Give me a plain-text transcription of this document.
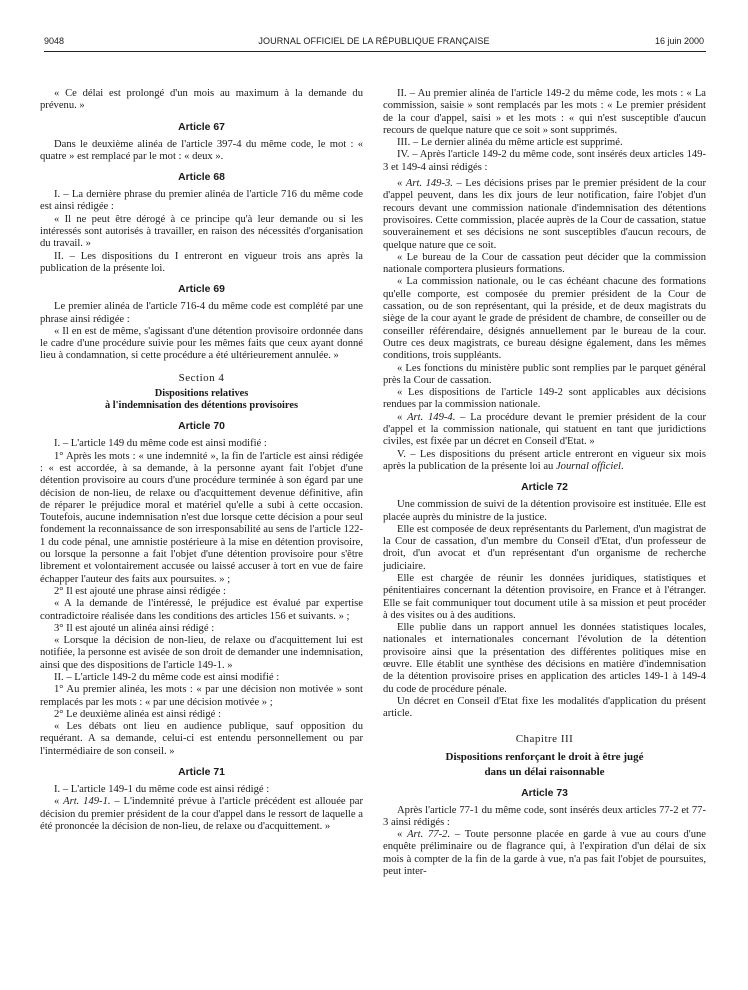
9048	JOURNAL OFFICIEL DE LA RÉPUBLIQUE FRANÇAISE	16 juin 2000

« Ce délai est prolongé d'un mois au maximum à la demande du prévenu. »

Article 67

Dans le deuxième alinéa de l'article 397-4 du même code, le mot : « quatre » est remplacé par le mot : « deux ».

Article 68

I. – La dernière phrase du premier alinéa de l'article 716 du même code est ainsi rédigée :

« Il ne peut être dérogé à ce principe qu'à leur demande ou si les intéressés sont autorisés à travailler, en raison des nécessités d'organisation du travail. »

II. – Les dispositions du I entreront en vigueur trois ans après la publication de la présente loi.

Article 69

Le premier alinéa de l'article 716-4 du même code est complété par une phrase ainsi rédigée :

« Il en est de même, s'agissant d'une détention provisoire ordonnée dans le cadre d'une procédure suivie pour les mêmes faits que ceux ayant donné lieu à condamnation, si cette procédure a été ultérieurement annulée. »

Section 4
Dispositions relatives
à l'indemnisation des détentions provisoires
Article 70

I. – L'article 149 du même code est ainsi modifié :

1° Après les mots : « une indemnité », la fin de l'article est ainsi rédigée : « est accordée, à sa demande, à la personne ayant fait l'objet d'une détention provisoire au cours d'une procédure terminée à son égard par une décision de non-lieu, de relaxe ou d'acquittement devenue définitive, afin de réparer le préjudice moral et matériel qu'elle a subi à cette occasion. Toutefois, aucune indemnisation n'est due lorsque cette décision a pour seul fondement la reconnaissance de son irresponsabilité au sens de l'article 122-1 du code pénal, une amnistie postérieure à la mise en détention provisoire, ou lorsque la personne a fait l'objet d'une détention provisoire pour s'être librement et volontairement accusée ou laissé accuser à tort en vue de faire échapper l'auteur des faits aux poursuites. » ;

2° Il est ajouté une phrase ainsi rédigée :

« A la demande de l'intéressé, le préjudice est évalué par expertise contradictoire réalisée dans les conditions des articles 156 et suivants. » ;

3° Il est ajouté un alinéa ainsi rédigé :

« Lorsque la décision de non-lieu, de relaxe ou d'acquittement lui est notifiée, la personne est avisée de son droit de demander une indemnisation, ainsi que des dispositions de l'article 149-1. »

II. – L'article 149-2 du même code est ainsi modifié :

1° Au premier alinéa, les mots : « par une décision non motivée » sont remplacés par les mots : « par une décision motivée » ;

2° Le deuxième alinéa est ainsi rédigé :

« Les débats ont lieu en audience publique, sauf opposition du requérant. A sa demande, celui-ci est entendu personnellement ou par l'intermédiaire de son conseil. »

Article 71

I. – L'article 149-1 du même code est ainsi rédigé :

« Art. 149-1. – L'indemnité prévue à l'article précédent est allouée par décision du premier président de la cour d'appel dans le ressort de laquelle a été prononcée la décision de non-lieu, de relaxe ou d'acquittement. »

II. – Au premier alinéa de l'article 149-2 du même code, les mots : « La commission, saisie » sont remplacés par les mots : « Le premier président de la cour d'appel, saisi » et les mots : « qui n'est susceptible d'aucun recours de quelque nature que ce soit » sont supprimés.

III. – Le dernier alinéa du même article est supprimé.

IV. – Après l'article 149-2 du même code, sont insérés deux articles 149-3 et 149-4 ainsi rédigés :

« Art. 149-3. – Les décisions prises par le premier président de la cour d'appel peuvent, dans les dix jours de leur notification, faire l'objet d'un recours devant une commission nationale d'indemnisation des détentions provisoires. Cette commission, placée auprès de la Cour de cassation, statue souverainement et ses décisions ne sont susceptibles d'aucun recours, de quelque nature que ce soit.

« Le bureau de la Cour de cassation peut décider que la commission nationale comportera plusieurs formations.

« La commission nationale, ou le cas échéant chacune des formations qu'elle comporte, est composée du premier président de la Cour de cassation, ou de son représentant, qui la préside, et de deux magistrats du siège de la cour ayant le grade de président de chambre, de conseiller ou de conseiller référendaire, désignés annuellement par le bureau de la cour. Outre ces deux magistrats, ce bureau désigne également, dans les mêmes conditions, trois suppléants.

« Les fonctions du ministère public sont remplies par le parquet général près la Cour de cassation.

« Les dispositions de l'article 149-2 sont applicables aux décisions rendues par la commission nationale.

« Art. 149-4. – La procédure devant le premier président de la cour d'appel et la commission nationale, qui statuent en tant que juridictions civiles, est fixée par un décret en Conseil d'Etat. »

V. – Les dispositions du présent article entreront en vigueur six mois après la publication de la présente loi au Journal officiel.

Article 72

Une commission de suivi de la détention provisoire est instituée. Elle est placée auprès du ministre de la justice.

Elle est composée de deux représentants du Parlement, d'un magistrat de la Cour de cassation, d'un membre du Conseil d'Etat, d'un professeur de droit, d'un avocat et d'un représentant d'un organisme de recherche judiciaire.

Elle est chargée de réunir les données juridiques, statistiques et pénitentiaires concernant la détention provisoire, en France et à l'étranger. Elle se fait communiquer tout document utile à sa mission et peut procéder à des visites ou à des auditions.

Elle publie dans un rapport annuel les données statistiques locales, nationales et internationales concernant l'évolution de la détention provisoire ainsi que la présentation des différentes politiques mise en œuvre. Elle établit une synthèse des décisions en matière d'indemnisation de la détention provisoire prises en application des articles 149-1 à 149-4 du code de procédure pénale.

Un décret en Conseil d'Etat fixe les modalités d'application du présent article.

Chapitre III
Dispositions renforçant le droit à être jugé
dans un délai raisonnable
Article 73

Après l'article 77-1 du même code, sont insérés deux articles 77-2 et 77-3 ainsi rédigés :

« Art. 77-2. – Toute personne placée en garde à vue au cours d'une enquête préliminaire ou de flagrance qui, à l'expiration d'un délai de six mois à compter de la fin de la garde à vue, n'a pas fait l'objet de poursuites, peut inter-
